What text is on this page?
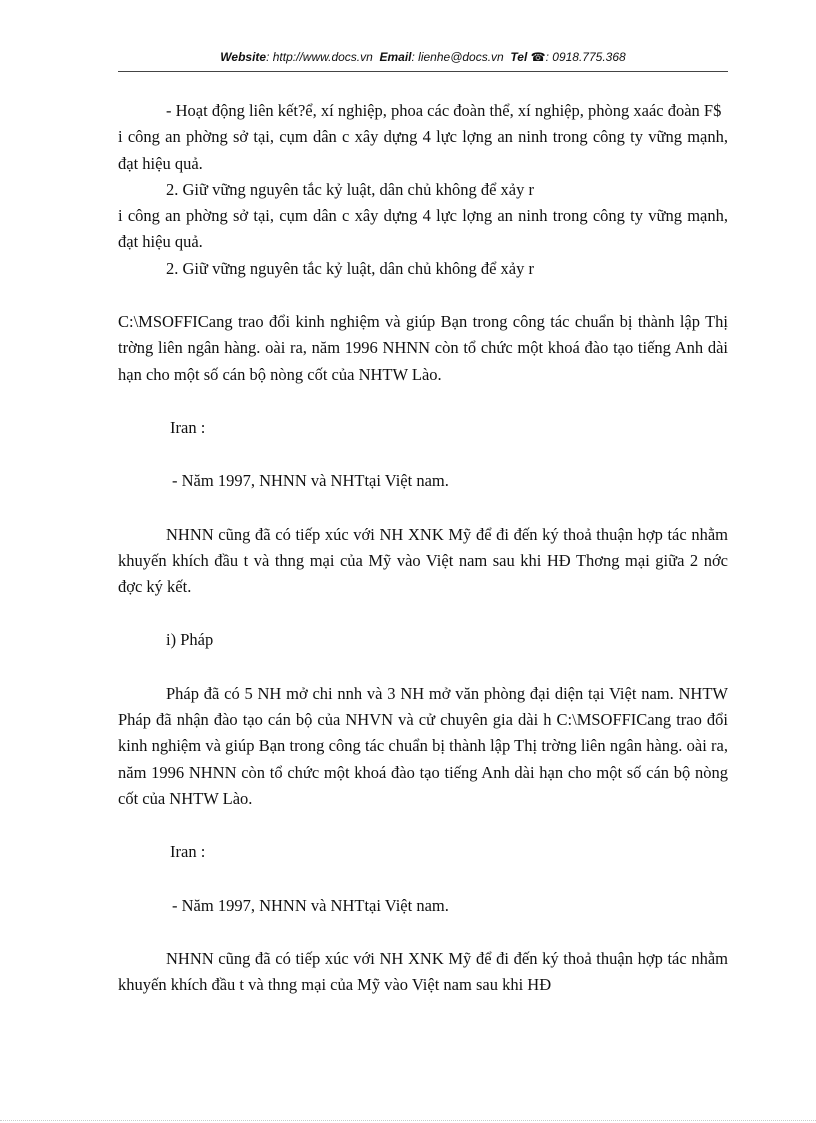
Website: http://www.docs.vn Email: lienhe@docs.vn Tel ☎: 0918.775.368

- Hoạt động liên kết?ể, xí nghiệp, phoa các đoàn thể, xí nghiệp, phòng xaác đoàn F$

i công an phờng sở tại, cụm dân c xây dựng 4 lực lợng an ninh trong công ty vững mạnh, đạt hiệu quả.

2. Giữ vững nguyên tắc kỷ luật, dân chủ không để xảy r

i công an phờng sở tại, cụm dân c xây dựng 4 lực lợng an ninh trong công ty vững mạnh, đạt hiệu quả.

2. Giữ vững nguyên tắc kỷ luật, dân chủ không để xảy r

C:\MSOFFICang trao đổi kinh nghiệm và giúp Bạn trong công tác chuẩn bị thành lập Thị trờng liên ngân hàng. oài ra, năm 1996 NHNN còn tổ chức một khoá đào tạo tiếng Anh dài hạn cho một số cán bộ nòng cốt của NHTW Lào.

Iran :

- Năm 1997, NHNN và NHTtại Việt nam.

NHNN cũng đã có tiếp xúc với NH XNK Mỹ để đi đến ký thoả thuận hợp tác nhằm khuyến khích đầu t và thng mại của Mỹ vào Việt nam sau khi HĐ Thơng mại giữa 2 nớc đợc ký kết.

i) Pháp

Pháp đã có 5 NH mở chi nnh và 3 NH mở văn phòng đại diện tại Việt nam. NHTW Pháp đã nhận đào tạo cán bộ của NHVN và cử chuyên gia dài h C:\MSOFFICang trao đổi kinh nghiệm và giúp Bạn trong công tác chuẩn bị thành lập Thị trờng liên ngân hàng. oài ra, năm 1996 NHNN còn tổ chức một khoá đào tạo tiếng Anh dài hạn cho một số cán bộ nòng cốt của NHTW Lào.

Iran :

- Năm 1997, NHNN và NHTtại Việt nam.

NHNN cũng đã có tiếp xúc với NH XNK Mỹ để đi đến ký thoả thuận hợp tác nhằm khuyến khích đầu t và thng mại của Mỹ vào Việt nam sau khi HĐ
